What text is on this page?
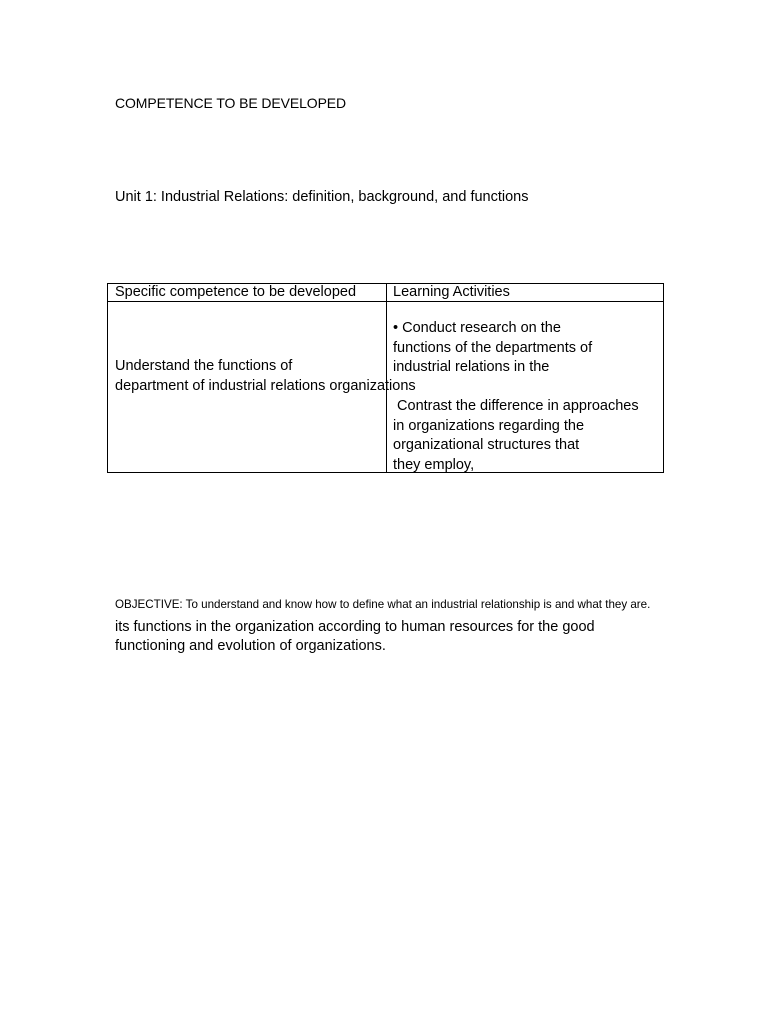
COMPETENCE TO BE DEVELOPED
Unit 1: Industrial Relations: definition, background, and functions
Specific competence to be developed	Learning Activities
Understand the functions of
department of industrial relations organizations
• Conduct research on the
functions of the departments of
industrial relations in the
Contrast the difference in approaches
in organizations regarding the
organizational structures that
they employ,
OBJECTIVE: To understand and know how to define what an industrial relationship is and what they are.
its functions in the organization according to human resources for the good
functioning and evolution of organizations.
